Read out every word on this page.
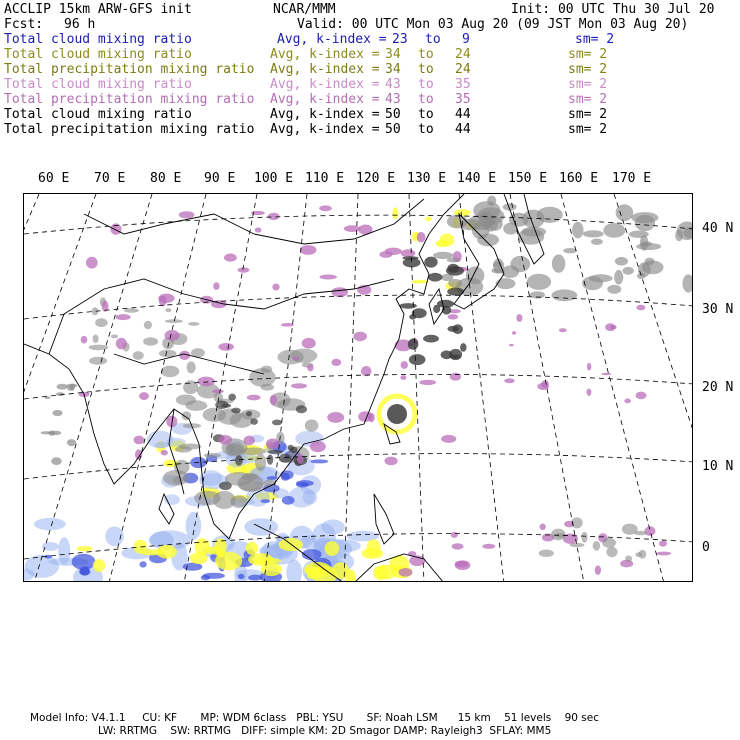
ACCLIP 15km ARW-GFS init	NCAR/MMM	Init: 00 UTC Thu 30 Jul 20
Fcst: 96 h	Valid: 00 UTC Mon 03 Aug 20 (09 JST Mon 03 Aug 20)
Total cloud mixing ratio	Avg, k-index = 23 to 9	sm= 2
Total cloud mixing ratio	Avg, k-index = 34 to 24	sm= 2
Total precipitation mixing ratio Avg, k-index = 34 to 24	sm= 2
Total cloud mixing ratio	Avg, k-index = 43 to 35	sm= 2
Total precipitation mixing ratio Avg, k-index = 43 to 35	sm= 2
Total cloud mixing ratio	Avg, k-index = 50 to 44	sm= 2
Total precipitation mixing ratio Avg, k-index = 50 to 44	sm= 2
60 E 70 E 80 E 90 E 100 E 110 E 120 E 130 E 140 E 150 E 160 E 170 E
40 N
30 N
20 N
10 N
0
Model Info: V4.1.1     CU: KF       MP: WDM 6class   PBL: YSU       SF: Noah LSM      15 km    51 levels    90 sec
LW: RRTMG    SW: RRTMG   DIFF: simple KM: 2D Smagor DAMP: Rayleigh3  SFLAY: MM5
